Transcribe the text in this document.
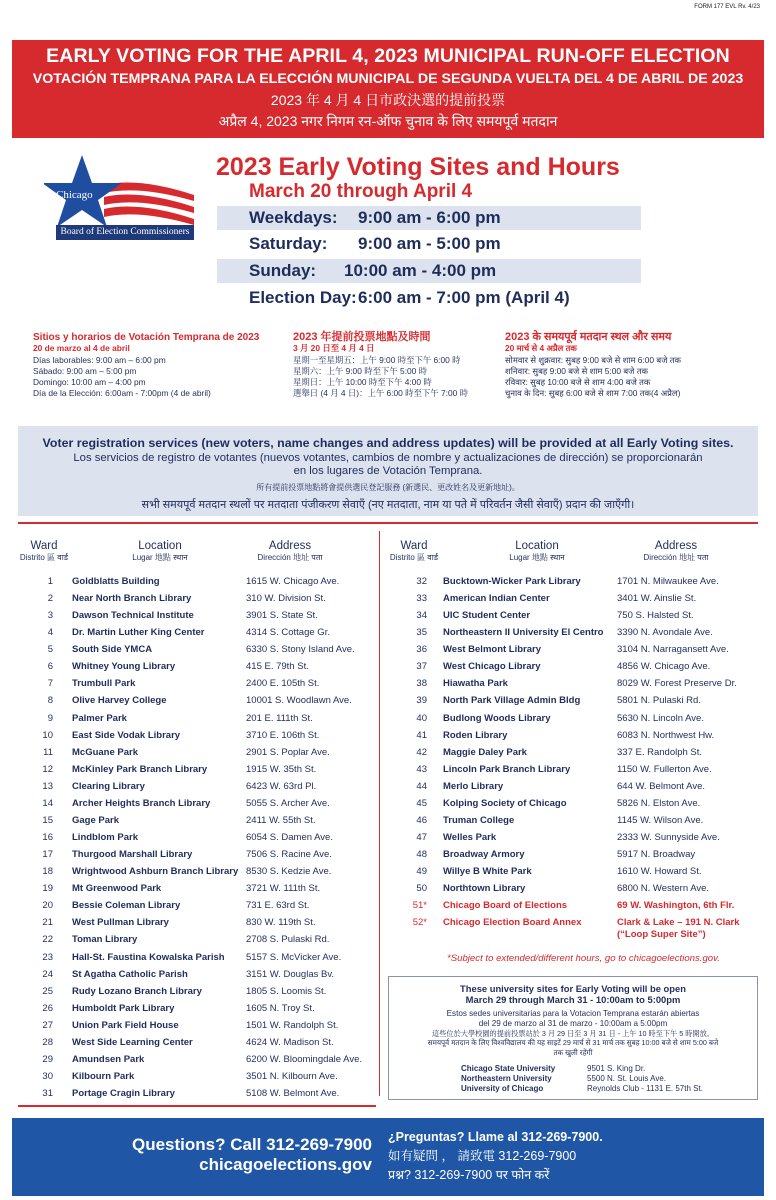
FORM 177 EVL Rv. 4/23
EARLY VOTING FOR THE APRIL 4, 2023 MUNICIPAL RUN-OFF ELECTION
VOTACIÓN TEMPRANA PARA LA ELECCIÓN MUNICIPAL DE SEGUNDA VUELTA DEL 4 DE ABRIL DE 2023
2023 年 4 月 4 日市政決選的提前投票
अप्रैल 4, 2023 नगर निगम रन-ऑफ चुनाव के लिए समयपूर्व मतदान
Chicago
Board of Election Commissioners
2023 Early Voting Sites and Hours
March 20 through April 4
Weekdays:	9:00 am - 6:00 pm
Saturday:	9:00 am - 5:00 pm
Sunday:	10:00 am - 4:00 pm
Election Day: 6:00 am - 7:00 pm (April 4)
Sitios y horarios de Votación Temprana de 2023
20 de marzo al 4 de abril
Días laborables: 9:00 am – 6:00 pm
Sábado: 9:00 am – 5:00 pm
Domingo: 10:00 am – 4:00 pm
Día de la Elección: 6:00am - 7:00pm (4 de abril)
2023 年提前投票地點及時間
3 月 20 日至 4 月 4 日
星期一至星期五：上午 9:00 時至下午 6:00 時
星期六：上午 9:00 時至下午 5:00 時
星期日：上午 10:00 時至下午 4:00 時
選舉日 (4 月 4 日)：上午 6:00 時至下午 7:00 時
2023 के समयपूर्व मतदान स्थल और समय
20 मार्च से 4 अप्रैल तक
सोमवार से शुक्रवार: सुबह 9:00 बजे से शाम 6:00 बजे तक
शनिवार: सुबह 9:00 बजे से शाम 5:00 बजे तक
रविवार: सुबह 10:00 बजे से शाम 4:00 बजे तक
चुनाव के दिन: सुबह 6:00 बजे से शाम 7:00 तक(4 अप्रैल)
Voter registration services (new voters, name changes and address updates) will be provided at all Early Voting sites.
Los servicios de registro de votantes (nuevos votantes, cambios de nombre y actualizaciones de dirección) se proporcionarán
en los lugares de Votación Temprana.
所有提前投票地點將會提供選民登記服務 (新選民、更改姓名及更新地址)。
सभी समयपूर्व मतदान स्थलों पर मतदाता पंजीकरण सेवाएँ (नए मतदाता, नाम या पते में परिवर्तन जैसी सेवाएँ) प्रदान की जाएँगी।
Ward
Distrito 區 वार्ड
Location
Lugar 地點 स्थान
Address
Dirección 地址 पता
Ward
Distrito 區 वार्ड
Location
Lugar 地點 स्थान
Address
Dirección 地址 पता
1 Goldblatts Building	1615 W. Chicago Ave.
2 Near North Branch Library	310 W. Division St.
3 Dawson Technical Institute	3901 S. State St.
4 Dr. Martin Luther King Center	4314 S. Cottage Gr.
5 South Side YMCA	6330 S. Stony Island Ave.
6 Whitney Young Library	415 E. 79th St.
7 Trumbull Park	2400 E. 105th St.
8 Olive Harvey College	10001 S. Woodlawn Ave.
9 Palmer Park	201 E. 111th St.
10 East Side Vodak Library	3710 E. 106th St.
11 McGuane Park	2901 S. Poplar Ave.
12 McKinley Park Branch Library	1915 W. 35th St.
13 Clearing Library	6423 W. 63rd Pl.
14 Archer Heights Branch Library	5055 S. Archer Ave.
15 Gage Park	2411 W. 55th St.
16 Lindblom Park	6054 S. Damen Ave.
17 Thurgood Marshall Library	7506 S. Racine Ave.
18 Wrightwood Ashburn Branch Library 8530 S. Kedzie Ave.
19 Mt Greenwood Park	3721 W. 111th St.
20 Bessie Coleman Library	731 E. 63rd St.
21 West Pullman Library	830 W. 119th St.
22 Toman Library	2708 S. Pulaski Rd.
23 Hall-St. Faustina Kowalska Parish 5157 S. McVicker Ave.
24 St Agatha Catholic Parish	3151 W. Douglas Bv.
25 Rudy Lozano Branch Library	1805 S. Loomis St.
26 Humboldt Park Library	1605 N. Troy St.
27 Union Park Field House	1501 W. Randolph St.
28 West Side Learning Center	4624 W. Madison St.
29 Amundsen Park	6200 W. Bloomingdale Ave.
30 Kilbourn Park	3501 N. Kilbourn Ave.
31 Portage Cragin Library	5108 W. Belmont Ave.
32 Bucktown-Wicker Park Library	1701 N. Milwaukee Ave.
33 American Indian Center	3401 W. Ainslie St.
34 UIC Student Center	750 S. Halsted St.
35 Northeastern II University El Centro 3390 N. Avondale Ave.
36 West Belmont Library	3104 N. Narragansett Ave.
37 West Chicago Library	4856 W. Chicago Ave.
38 Hiawatha Park	8029 W. Forest Preserve Dr.
39 North Park Village Admin Bldg	5801 N. Pulaski Rd.
40 Budlong Woods Library	5630 N. Lincoln Ave.
41 Roden Library	6083 N. Northwest Hw.
42 Maggie Daley Park	337 E. Randolph St.
43 Lincoln Park Branch Library	1150 W. Fullerton Ave.
44 Merlo Library	644 W. Belmont Ave.
45 Kolping Society of Chicago	5826 N. Elston Ave.
46 Truman College	1145 W. Wilson Ave.
47 Welles Park	2333 W. Sunnyside Ave.
48 Broadway Armory	5917 N. Broadway
49 Willye B White Park	1610 W. Howard St.
50 Northtown Library	6800 N. Western Ave.
51* Chicago Board of Elections	69 W. Washington, 6th Flr.
52* Chicago Election Board Annex	Clark & Lake – 191 N. Clark
(“Loop Super Site”)
*Subject to extended/different hours, go to chicagoelections.gov.
These university sites for Early Voting will be open
March 29 through March 31 - 10:00am to 5:00pm
Estos sedes universitarias para la Votacion Temprana estarán abiertas
del 29 de marzo al 31 de marzo - 10:00am a 5:00pm
這些位於大學校園的提前投票站於 3 月 29 日至 3 月 31 日 - 上午 10 時至下午 5 時開放。
समयपूर्व मतदान के लिए विश्वविद्यालय की यह साइटें 29 मार्च से 31 मार्च तक सुबह 10:00 बजे से शाम 5:00 बजे
तक खुली रहेंगी
Chicago State University	9501 S. King Dr.
Northeastern University	5500 N. St. Louis Ave.
University of Chicago	Reynolds Club - 1131 E. 57th St.
Questions? Call 312-269-7900
chicagoelections.gov
¿Preguntas? Llame al 312-269-7900.
如有疑問 ， 請致電 312-269-7900
प्रश्न? 312-269-7900 पर फोन करें
